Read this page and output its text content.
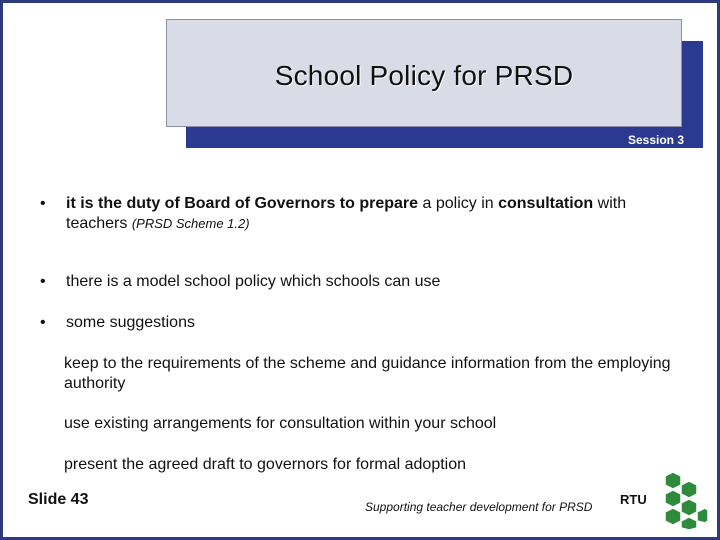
School Policy for PRSD
Session 3
•	it is the duty of Board of Governors to prepare a policy in consultation with teachers (PRSD Scheme 1.2)
•	there is a model school policy which schools can use
•	some suggestions
keep to the requirements of the scheme and guidance information from the employing authority
use existing arrangements for consultation within your school
present the agreed draft to governors for formal adoption
Slide 43	Supporting teacher development for PRSD RTU
